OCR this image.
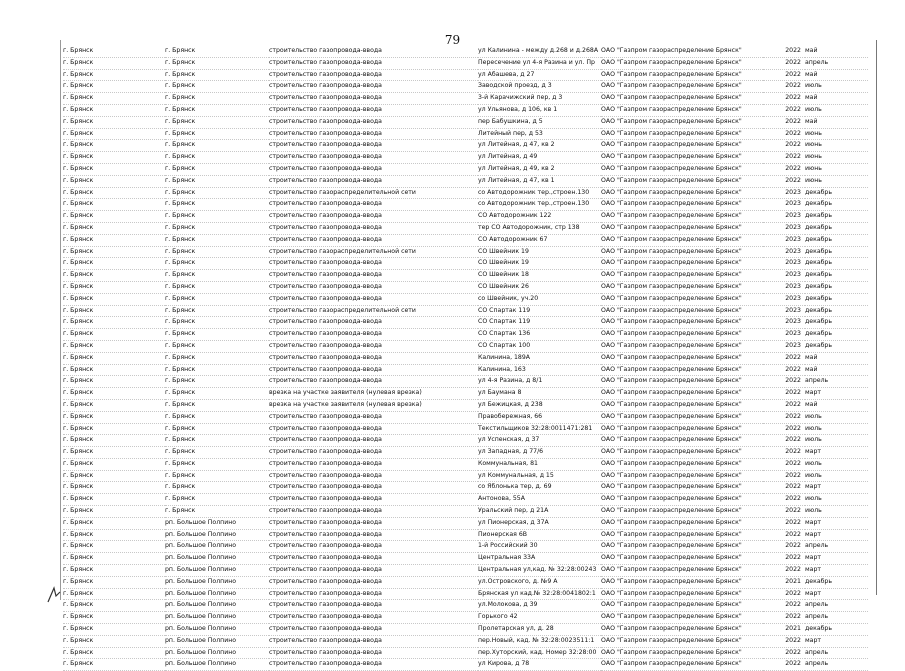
79
г. Брянск	г. Брянск	строительство газопровода-ввода	ул Калинина - между д.268 и д.268А	ОАО "Газпром газораспределение Брянск"	2022	май
г. Брянск	г. Брянск	строительство газопровода-ввода	Пересечение ул 4-я Разина и ул. Пр	ОАО "Газпром газораспределение Брянск"	2022	апрель
г. Брянск	г. Брянск	строительство газопровода-ввода	ул Абашева, д 27	ОАО "Газпром газораспределение Брянск"	2022	май
г. Брянск	г. Брянск	строительство газопровода-ввода	Заводской проезд, д 3	ОАО "Газпром газораспределение Брянск"	2022	июль
г. Брянск	г. Брянск	строительство газопровода-ввода	3-й Карачижский пер, д 3	ОАО "Газпром газораспределение Брянск"	2022	май
г. Брянск	г. Брянск	строительство газопровода-ввода	ул Ульянова, д 106, кв 1	ОАО "Газпром газораспределение Брянск"	2022	июль
г. Брянск	г. Брянск	строительство газопровода-ввода	пер Бабушкина, д 5	ОАО "Газпром газораспределение Брянск"	2022	май
г. Брянск	г. Брянск	строительство газопровода-ввода	Литейный пер, д 53	ОАО "Газпром газораспределение Брянск"	2022	июнь
г. Брянск	г. Брянск	строительство газопровода-ввода	ул Литейная, д 47, кв 2	ОАО "Газпром газораспределение Брянск"	2022	июнь
г. Брянск	г. Брянск	строительство газопровода-ввода	ул Литейная, д 49	ОАО "Газпром газораспределение Брянск"	2022	июнь
г. Брянск	г. Брянск	строительство газопровода-ввода	ул Литейная, д 49, кв 2	ОАО "Газпром газораспределение Брянск"	2022	июнь
г. Брянск	г. Брянск	строительство газопровода-ввода	ул Литейная, д 47, кв 1	ОАО "Газпром газораспределение Брянск"	2022	июнь
г. Брянск	г. Брянск	строительство газораспределительной сети	со Автодорожник тер.,строен.130	ОАО "Газпром газораспределение Брянск"	2023	декабрь
г. Брянск	г. Брянск	строительство газопровода-ввода	со Автодорожник тер.,строен.130	ОАО "Газпром газораспределение Брянск"	2023	декабрь
г. Брянск	г. Брянск	строительство газопровода-ввода	СО Автодорожник 122	ОАО "Газпром газораспределение Брянск"	2023	декабрь
г. Брянск	г. Брянск	строительство газопровода-ввода	тер СО Автодорожник, стр 138	ОАО "Газпром газораспределение Брянск"	2023	декабрь
г. Брянск	г. Брянск	строительство газопровода-ввода	СО Автодорожник 67	ОАО "Газпром газораспределение Брянск"	2023	декабрь
г. Брянск	г. Брянск	строительство газораспределительной сети	СО Швейник 19	ОАО "Газпром газораспределение Брянск"	2023	декабрь
г. Брянск	г. Брянск	строительство газопровода-ввода	СО Швейник 19	ОАО "Газпром газораспределение Брянск"	2023	декабрь
г. Брянск	г. Брянск	строительство газопровода-ввода	СО Швейник 18	ОАО "Газпром газораспределение Брянск"	2023	декабрь
г. Брянск	г. Брянск	строительство газопровода-ввода	СО Швейник 26	ОАО "Газпром газораспределение Брянск"	2023	декабрь
г. Брянск	г. Брянск	строительство газопровода-ввода	со Швейник, уч.20	ОАО "Газпром газораспределение Брянск"	2023	декабрь
г. Брянск	г. Брянск	строительство газораспределительной сети	СО Спартак 119	ОАО "Газпром газораспределение Брянск"	2023	декабрь
г. Брянск	г. Брянск	строительство газопровода-ввода	СО Спартак 119	ОАО "Газпром газораспределение Брянск"	2023	декабрь
г. Брянск	г. Брянск	строительство газопровода-ввода	СО Спартак 136	ОАО "Газпром газораспределение Брянск"	2023	декабрь
г. Брянск	г. Брянск	строительство газопровода-ввода	СО Спартак 100	ОАО "Газпром газораспределение Брянск"	2023	декабрь
г. Брянск	г. Брянск	строительство газопровода-ввода	Калинина, 189А	ОАО "Газпром газораспределение Брянск"	2022	май
г. Брянск	г. Брянск	строительство газопровода-ввода	Калинина, 163	ОАО "Газпром газораспределение Брянск"	2022	май
г. Брянск	г. Брянск	строительство газопровода-ввода	ул 4-я Разина, д 8/1	ОАО "Газпром газораспределение Брянск"	2022	апрель
г. Брянск	г. Брянск	врезка на участке заявителя (нулевая врезка)	ул Баумана 8	ОАО "Газпром газораспределение Брянск"	2022	март
г. Брянск	г. Брянск	врезка на участке заявителя (нулевая врезка)	ул Бежицкая, д 238	ОАО "Газпром газораспределение Брянск"	2022	май
г. Брянск	г. Брянск	строительство газопровода-ввода	Правобережная, 66	ОАО "Газпром газораспределение Брянск"	2022	июль
г. Брянск	г. Брянск	строительство газопровода-ввода	Текстильщиков 32:28:0011471:281	ОАО "Газпром газораспределение Брянск"	2022	июль
г. Брянск	г. Брянск	строительство газопровода-ввода	ул Успенская, д 37	ОАО "Газпром газораспределение Брянск"	2022	июль
г. Брянск	г. Брянск	строительство газопровода-ввода	ул Западная, д 77/6	ОАО "Газпром газораспределение Брянск"	2022	март
г. Брянск	г. Брянск	строительство газопровода-ввода	Коммунальная, 81	ОАО "Газпром газораспределение Брянск"	2022	июль
г. Брянск	г. Брянск	строительство газопровода-ввода	ул Коммунальная, д 15	ОАО "Газпром газораспределение Брянск"	2022	июль
г. Брянск	г. Брянск	строительство газопровода-ввода	со Яблонька тер, д. 69	ОАО "Газпром газораспределение Брянск"	2022	март
г. Брянск	г. Брянск	строительство газопровода-ввода	Антонова, 55А	ОАО "Газпром газораспределение Брянск"	2022	июль
г. Брянск	г. Брянск	строительство газопровода-ввода	Уральский пер, д 21А	ОАО "Газпром газораспределение Брянск"	2022	июль
г. Брянск	рп. Большое Полпино	строительство газопровода-ввода	ул Пионерская, д 37А	ОАО "Газпром газораспределение Брянск"	2022	март
г. Брянск	рп. Большое Полпино	строительство газопровода-ввода	Пионерская 6В	ОАО "Газпром газораспределение Брянск"	2022	март
г. Брянск	рп. Большое Полпино	строительство газопровода-ввода	1-й Российский 30	ОАО "Газпром газораспределение Брянск"	2022	апрель
г. Брянск	рп. Большое Полпино	строительство газопровода-ввода	Центральная 33А	ОАО "Газпром газораспределение Брянск"	2022	март
г. Брянск	рп. Большое Полпино	строительство газопровода-ввода	Центральная ул,кад. № 32:28:00243	ОАО "Газпром газораспределение Брянск"	2022	март
г. Брянск	рп. Большое Полпино	строительство газопровода-ввода	ул.Островского, д. №9 А	ОАО "Газпром газораспределение Брянск"	2021	декабрь
г. Брянск	рп. Большое Полпино	строительство газопровода-ввода	Брянская ул кад.№ 32:28:0041802:1	ОАО "Газпром газораспределение Брянск"	2022	март
г. Брянск	рп. Большое Полпино	строительство газопровода-ввода	ул.Молокова, д 39	ОАО "Газпром газораспределение Брянск"	2022	апрель
г. Брянск	рп. Большое Полпино	строительство газопровода-ввода	Горького 42	ОАО "Газпром газораспределение Брянск"	2022	апрель
г. Брянск	рп. Большое Полпино	строительство газопровода-ввода	Пролетарская ул, д. 28	ОАО "Газпром газораспределение Брянск"	2021	декабрь
г. Брянск	рп. Большое Полпино	строительство газопровода-ввода	пер.Новый, кад. № 32:28:0023511:1	ОАО "Газпром газораспределение Брянск"	2022	март
г. Брянск	рп. Большое Полпино	строительство газопровода-ввода	пер.Хуторский, кад. Номер 32:28:00	ОАО "Газпром газораспределение Брянск"	2022	апрель
г. Брянск	рп. Большое Полпино	строительство газопровода-ввода	ул Кирова, д 78	ОАО "Газпром газораспределение Брянск"	2022	апрель
